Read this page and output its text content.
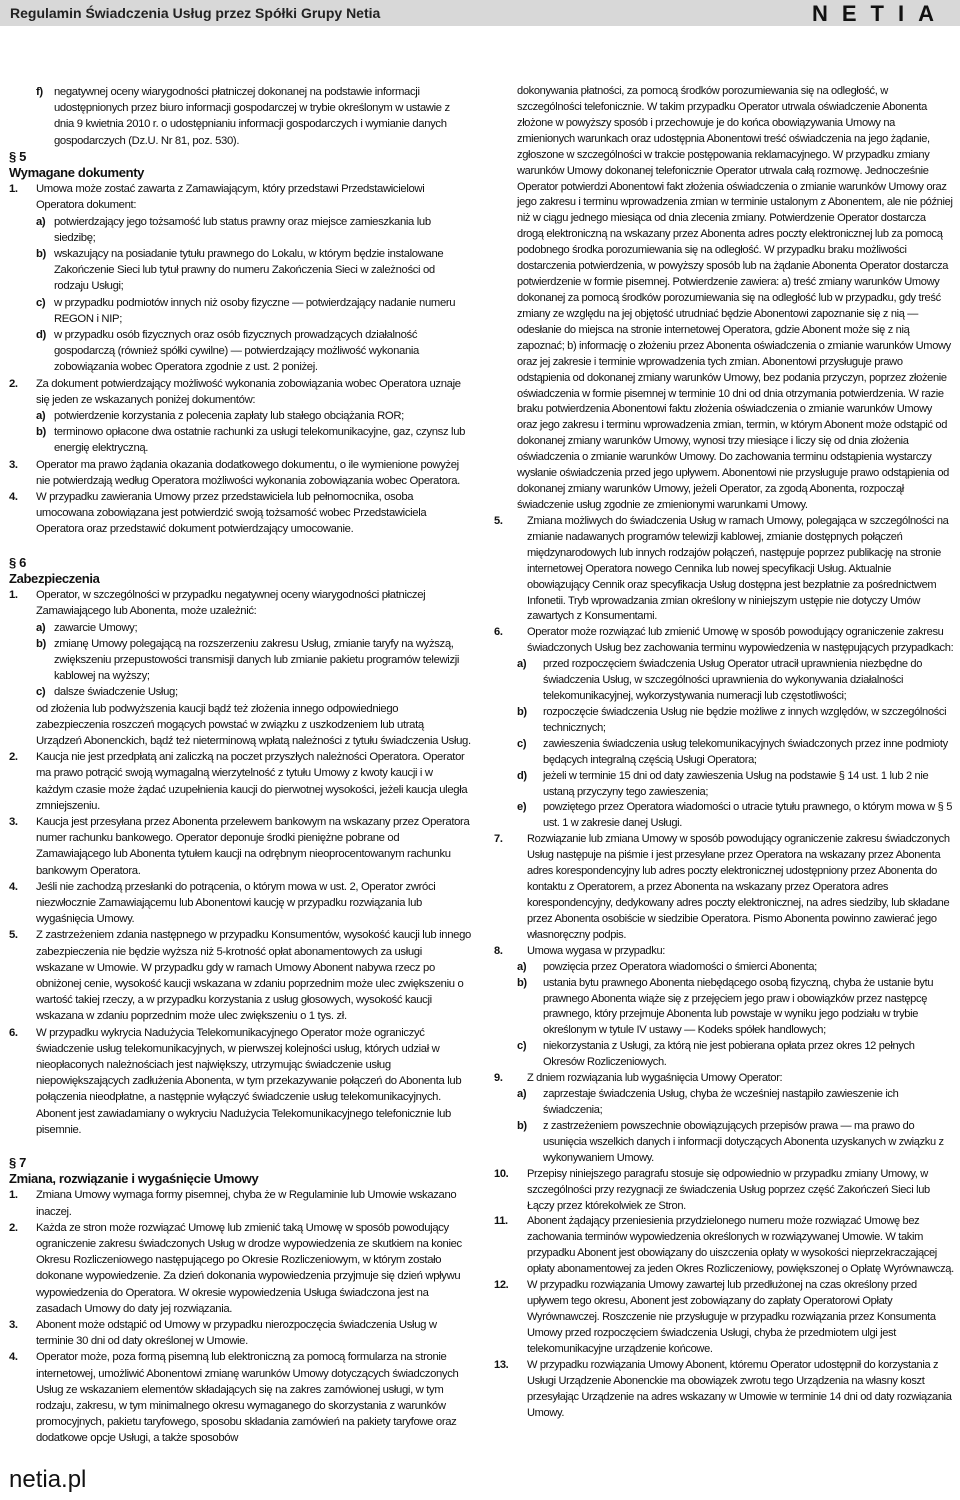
Regulamin Świadczenia Usług przez Spółki Grupy Netia	NETIA

f) negatywnej oceny wiarygodności płatniczej dokonanej na podstawie informacji udostępnionych przez biuro informacji gospodarczej w trybie określonym w ustawie z dnia 9 kwietnia 2010 r. o udostępnianiu informacji gospodarczych i wymianie danych gospodarczych (Dz.U. Nr 81, poz. 530).

§ 5

Wymagane dokumenty

1. Umowa może zostać zawarta z Zamawiającym, który przedstawi Przedstawicielowi Operatora dokument:

a) potwierdzający jego tożsamość lub status prawny oraz miejsce zamieszkania lub siedzibę;

b) wskazujący na posiadanie tytułu prawnego do Lokalu, w którym będzie instalowane Zakończenie Sieci lub tytuł prawny do numeru Zakończenia Sieci w zależności od rodzaju Usługi;

c) w przypadku podmiotów innych niż osoby fizyczne — potwierdzający nadanie numeru REGON i NIP;

d) w przypadku osób fizycznych oraz osób fizycznych prowadzących działalność gospodarczą (również spółki cywilne) — potwierdzający możliwość wykonania zobowiązania wobec Operatora zgodnie z ust. 2 poniżej.

2. Za dokument potwierdzający możliwość wykonania zobowiązania wobec Operatora uznaje się jeden ze wskazanych poniżej dokumentów:

a) potwierdzenie korzystania z polecenia zapłaty lub stałego obciążania ROR;

b) terminowo opłacone dwa ostatnie rachunki za usługi telekomunikacyjne, gaz, czynsz lub energię elektryczną.

3. Operator ma prawo żądania okazania dodatkowego dokumentu, o ile wymienione powyżej nie potwierdzają według Operatora możliwości wykonania zobowiązania wobec Operatora.

4. W przypadku zawierania Umowy przez przedstawiciela lub pełnomocnika, osoba umocowana zobowiązana jest potwierdzić swoją tożsamość wobec Przedstawiciela Operatora oraz przedstawić dokument potwierdzający umocowanie.

§ 6

Zabezpieczenia

1. Operator, w szczególności w przypadku negatywnej oceny wiarygodności płatniczej Zamawiającego lub Abonenta, może uzależnić:

a) zawarcie Umowy;

b) zmianę Umowy polegającą na rozszerzeniu zakresu Usług, zmianie taryfy na wyższą, zwiększeniu przepustowości transmisji danych lub zmianie pakietu programów telewizji kablowej na wyższy;

c) dalsze świadczenie Usług;

od złożenia lub podwyższenia kaucji bądź też złożenia innego odpowiedniego zabezpieczenia roszczeń mogących powstać w związku z uszkodzeniem lub utratą Urządzeń Abonenckich, bądź też nieterminową wpłatą należności z tytułu świadczenia Usług.

2. Kaucja nie jest przedpłatą ani zaliczką na poczet przyszłych należności Operatora. Operator ma prawo potrącić swoją wymagalną wierzytelność z tytułu Umowy z kwoty kaucji i w każdym czasie może żądać uzupełnienia kaucji do pierwotnej wysokości, jeżeli kaucja uległa zmniejszeniu.

3. Kaucja jest przesyłana przez Abonenta przelewem bankowym na wskazany przez Operatora numer rachunku bankowego. Operator deponuje środki pieniężne pobrane od Zamawiającego lub Abonenta tytułem kaucji na odrębnym nieoprocentowanym rachunku bankowym Operatora.

4. Jeśli nie zachodzą przesłanki do potrącenia, o którym mowa w ust. 2, Operator zwróci niezwłocznie Zamawiającemu lub Abonentowi kaucję w przypadku rozwiązania lub wygaśnięcia Umowy.

5. Z zastrzeżeniem zdania następnego w przypadku Konsumentów, wysokość kaucji lub innego zabezpieczenia nie będzie wyższa niż 5-krotność opłat abonamentowych za usługi wskazane w Umowie. W przypadku gdy w ramach Umowy Abonent nabywa rzecz po obniżonej cenie, wysokość kaucji wskazana w zdaniu poprzednim może ulec zwiększeniu o wartość takiej rzeczy, a w przypadku korzystania z usług głosowych, wysokość kaucji wskazana w zdaniu poprzednim może ulec zwiększeniu o 1 tys. zł.

6. W przypadku wykrycia Nadużycia Telekomunikacyjnego Operator może ograniczyć świadczenie usług telekomunikacyjnych, w pierwszej kolejności usług, których udział w nieopłaconych należnościach jest największy, utrzymując świadczenie usług niepowiększających zadłużenia Abonenta, w tym przekazywanie połączeń do Abonenta lub połączenia nieodpłatne, a następnie wyłączyć świadczenie usług telekomunikacyjnych. Abonent jest zawiadamiany o wykryciu Nadużycia Telekomunikacyjnego telefonicznie lub pisemnie.

§ 7

Zmiana, rozwiązanie i wygaśnięcie Umowy

1. Zmiana Umowy wymaga formy pisemnej, chyba że w Regulaminie lub Umowie wskazano inaczej.

2. Każda ze stron może rozwiązać Umowę lub zmienić taką Umowę w sposób powodujący ograniczenie zakresu świadczonych Usług w drodze wypowiedzenia ze skutkiem na koniec Okresu Rozliczeniowego następującego po Okresie Rozliczeniowym, w którym zostało dokonane wypowiedzenie. Za dzień dokonania wypowiedzenia przyjmuje się dzień wpływu wypowiedzenia do Operatora. W okresie wypowiedzenia Usługa świadczona jest na zasadach Umowy do daty jej rozwiązania.

3. Abonent może odstąpić od Umowy w przypadku nierozpoczęcia świadczenia Usług w terminie 30 dni od daty określonej w Umowie.

4. Operator może, poza formą pisemną lub elektroniczną za pomocą formularza na stronie internetowej, umożliwić Abonentowi zmianę warunków Umowy dotyczących świadczonych Usług ze wskazaniem elementów składających się na zakres zamówionej usługi, w tym rodzaju, zakresu, w tym minimalnego okresu wymaganego do skorzystania z warunków promocyjnych, pakietu taryfowego, sposobu składania zamówień na pakiety taryfowe oraz dodatkowe opcje Usługi, a także sposobów

dokonywania płatności, za pomocą środków porozumiewania się na odległość, w szczególności telefonicznie. W takim przypadku Operator utrwala oświadczenie Abonenta złożone w powyższy sposób i przechowuje je do końca obowiązywania Umowy na zmienionych warunkach oraz udostępnia Abonentowi treść oświadczenia na jego żądanie, zgłoszone w szczególności w trakcie postępowania reklamacyjnego. W przypadku zmiany warunków Umowy dokonanej telefonicznie Operator utrwala całą rozmowę. Jednocześnie Operator potwierdzi Abonentowi fakt złożenia oświadczenia o zmianie warunków Umowy oraz jego zakresu i terminu wprowadzenia zmian w terminie ustalonym z Abonentem, ale nie później niż w ciągu jednego miesiąca od dnia zlecenia zmiany. Potwierdzenie Operator dostarcza drogą elektroniczną na wskazany przez Abonenta adres poczty elektronicznej lub za pomocą podobnego środka porozumiewania się na odległość. W przypadku braku możliwości dostarczenia potwierdzenia, w powyższy sposób lub na żądanie Abonenta Operator dostarcza potwierdzenie w formie pisemnej. Potwierdzenie zawiera: a) treść zmiany warunków Umowy dokonanej za pomocą środków porozumiewania się na odległość lub w przypadku, gdy treść zmiany ze względu na jej objętość utrudniać będzie Abonentowi zapoznanie się z nią — odesłanie do miejsca na stronie internetowej Operatora, gdzie Abonent może się z nią zapoznać; b) informację o złożeniu przez Abonenta oświadczenia o zmianie warunków Umowy oraz jej zakresie i terminie wprowadzenia tych zmian. Abonentowi przysługuje prawo odstąpienia od dokonanej zmiany warunków Umowy, bez podania przyczyn, poprzez złożenie oświadczenia w formie pisemnej w terminie 10 dni od dnia otrzymania potwierdzenia. W razie braku potwierdzenia Abonentowi faktu złożenia oświadczenia o zmianie warunków Umowy oraz jego zakresu i terminu wprowadzenia zmian, termin, w którym Abonent może odstąpić od dokonanej zmiany warunków Umowy, wynosi trzy miesiące i liczy się od dnia złożenia oświadczenia o zmianie warunków Umowy. Do zachowania terminu odstąpienia wystarczy wysłanie oświadczenia przed jego upływem. Abonentowi nie przysługuje prawo odstąpienia od dokonanej zmiany warunków Umowy, jeżeli Operator, za zgodą Abonenta, rozpoczął świadczenie usług zgodnie ze zmienionymi warunkami Umowy.

5. Zmiana możliwych do świadczenia Usług w ramach Umowy, polegająca w szczególności na zmianie nadawanych programów telewizji kablowej, zmianie dostępnych połączeń międzynarodowych lub innych rodzajów połączeń, następuje poprzez publikację na stronie internetowej Operatora nowego Cennika lub nowej specyfikacji Usług. Aktualnie obowiązujący Cennik oraz specyfikacja Usług dostępna jest bezpłatnie za pośrednictwem Infonetii. Tryb wprowadzania zmian określony w niniejszym ustępie nie dotyczy Umów zawartych z Konsumentami.

6. Operator może rozwiązać lub zmienić Umowę w sposób powodujący ograniczenie zakresu świadczonych Usług bez zachowania terminu wypowiedzenia w następujących przypadkach:

a) przed rozpoczęciem świadczenia Usług Operator utracił uprawnienia niezbędne do świadczenia Usług, w szczególności uprawnienia do wykonywania działalności telekomunikacyjnej, wykorzystywania numeracji lub częstotliwości;

b) rozpoczęcie świadczenia Usług nie będzie możliwe z innych względów, w szczególności technicznych;

c) zawieszenia świadczenia usług telekomunikacyjnych świadczonych przez inne podmioty będących integralną częścią Usługi Operatora;

d) jeżeli w terminie 15 dni od daty zawieszenia Usług na podstawie § 14 ust. 1 lub 2 nie ustaną przyczyny tego zawieszenia;

e) powziętego przez Operatora wiadomości o utracie tytułu prawnego, o którym mowa w § 5 ust. 1 w zakresie danej Usługi.

7. Rozwiązanie lub zmiana Umowy w sposób powodujący ograniczenie zakresu świadczonych Usług następuje na piśmie i jest przesyłane przez Operatora na wskazany przez Abonenta adres korespondencyjny lub adres poczty elektronicznej udostępniony przez Abonenta do kontaktu z Operatorem, a przez Abonenta na wskazany przez Operatora adres korespondencyjny, dedykowany adres poczty elektronicznej, na adres siedziby, lub składane przez Abonenta osobiście w siedzibie Operatora. Pismo Abonenta powinno zawierać jego własnoręczny podpis.

8. Umowa wygasa w przypadku:

a) powzięcia przez Operatora wiadomości o śmierci Abonenta;

b) ustania bytu prawnego Abonenta niebędącego osobą fizyczną, chyba że ustanie bytu prawnego Abonenta wiąże się z przejęciem jego praw i obowiązków przez następcę prawnego, który przejmuje Abonenta lub powstaje w wyniku jego podziału w trybie określonym w tytule IV ustawy — Kodeks spółek handlowych;

c) niekorzystania z Usługi, za którą nie jest pobierana opłata przez okres 12 pełnych Okresów Rozliczeniowych.

9. Z dniem rozwiązania lub wygaśnięcia Umowy Operator:

a) zaprzestaje świadczenia Usług, chyba że wcześniej nastąpiło zawieszenie ich świadczenia;

b) z zastrzeżeniem powszechnie obowiązujących przepisów prawa — ma prawo do usunięcia wszelkich danych i informacji dotyczących Abonenta uzyskanych w związku z wykonywaniem Umowy.

10. Przepisy niniejszego paragrafu stosuje się odpowiednio w przypadku zmiany Umowy, w szczególności przy rezygnacji ze świadczenia Usług poprzez część Zakończeń Sieci lub Łączy przez którekolwiek ze Stron.

11. Abonent żądający przeniesienia przydzielonego numeru może rozwiązać Umowę bez zachowania terminów wypowiedzenia określonych w rozwiązywanej Umowie. W takim przypadku Abonent jest obowiązany do uiszczenia opłaty w wysokości nieprzekraczającej opłaty abonamentowej za jeden Okres Rozliczeniowy, powiększonej o Opłatę Wyrównawczą.

12. W przypadku rozwiązania Umowy zawartej lub przedłużonej na czas określony przed upływem tego okresu, Abonent jest zobowiązany do zapłaty Operatorowi Opłaty Wyrównawczej. Roszczenie nie przysługuje w przypadku rozwiązania przez Konsumenta Umowy przed rozpoczęciem świadczenia Usługi, chyba że przedmiotem ulgi jest telekomunikacyjne urządzenie końcowe.

13. W przypadku rozwiązania Umowy Abonent, któremu Operator udostępnił do korzystania z Usługi Urządzenie Abonenckie ma obowiązek zwrotu tego Urządzenia na własny koszt przesyłając Urządzenie na adres wskazany w Umowie w terminie 14 dni od daty rozwiązania Umowy.

netia.pl
